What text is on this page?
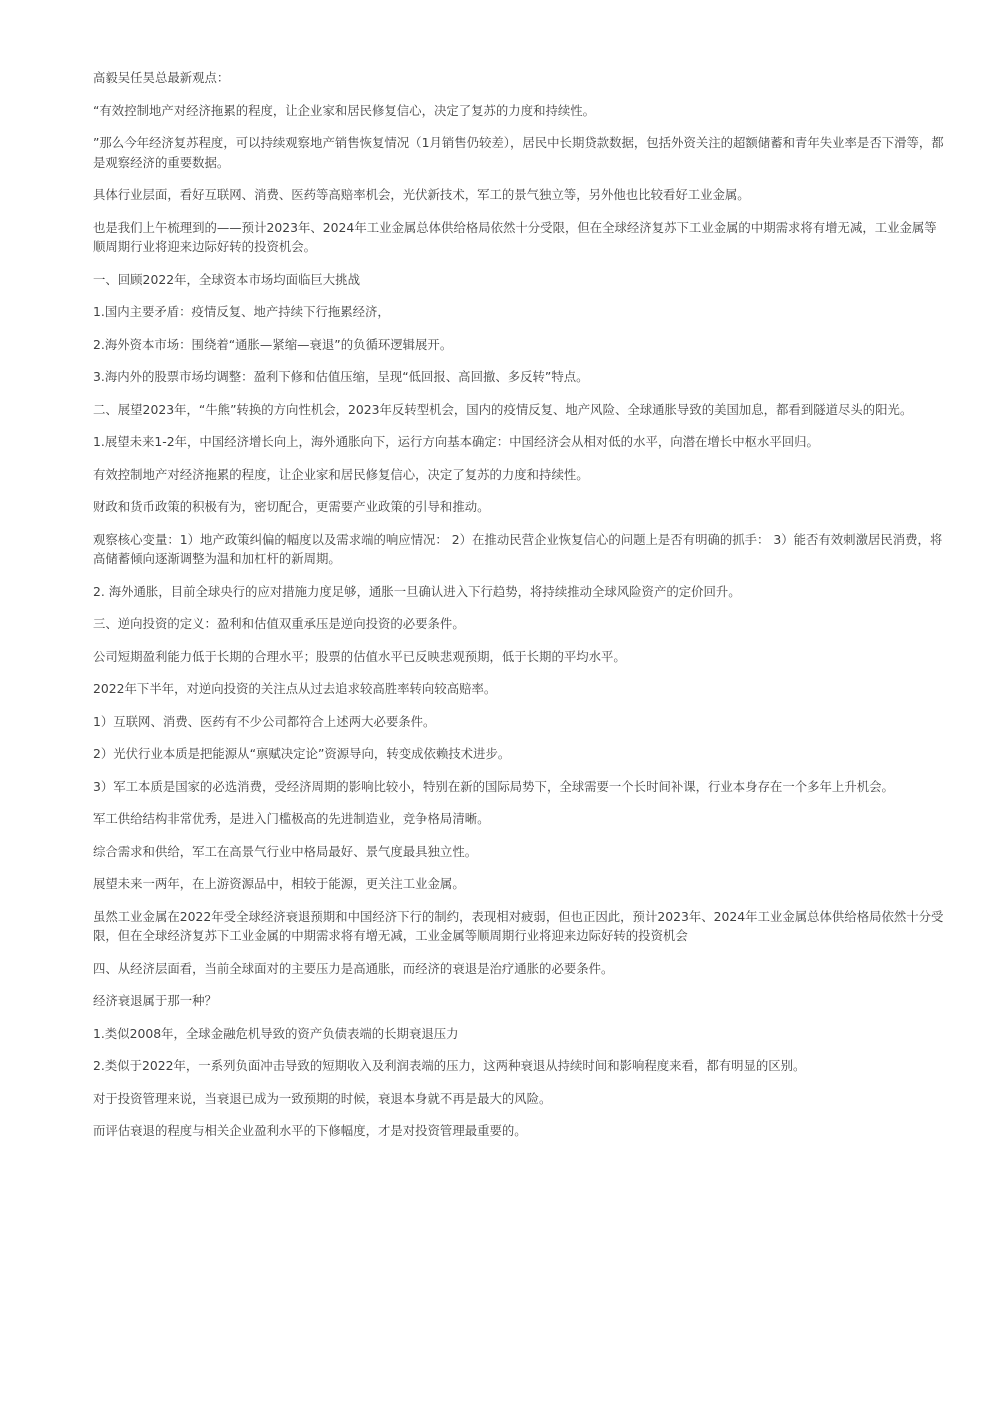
高毅吴任昊总最新观点：

“有效控制地产对经济拖累的程度，让企业家和居民修复信心，决定了复苏的力度和持续性。

”那么今年经济复苏程度，可以持续观察地产销售恢复情况（1月销售仍较差），居民中长期贷款数据，包括外资关注的超额储蓄和青年失业率是否下滑等，都是观察经济的重要数据。

具体行业层面，看好互联网、消费、医药等高赔率机会，光伏新技术，军工的景气独立等，另外他也比较看好工业金属。

也是我们上午梳理到的——预计2023年、2024年工业金属总体供给格局依然十分受限，但在全球经济复苏下工业金属的中期需求将有增无减，工业金属等顺周期行业将迎来边际好转的投资机会。

一、回顾2022年，全球资本市场均面临巨大挑战

1.国内主要矛盾：疫情反复、地产持续下行拖累经济，

2.海外资本市场：围绕着“通胀—紧缩—衰退”的负循环逻辑展开。

3.海内外的股票市场均调整：盈利下修和估值压缩，呈现“低回报、高回撤、多反转”特点。

二、展望2023年，“牛熊”转换的方向性机会，2023年反转型机会，国内的疫情反复、地产风险、全球通胀导致的美国加息，都看到隧道尽头的阳光。

1.展望未来1-2年，中国经济增长向上，海外通胀向下，运行方向基本确定：中国经济会从相对低的水平，向潜在增长中枢水平回归。

有效控制地产对经济拖累的程度，让企业家和居民修复信心，决定了复苏的力度和持续性。

财政和货币政策的积极有为，密切配合，更需要产业政策的引导和推动。

观察核心变量：1）地产政策纠偏的幅度以及需求端的响应情况： 2）在推动民营企业恢复信心的问题上是否有明确的抓手： 3）能否有效刺激居民消费，将高储蓄倾向逐渐调整为温和加杠杆的新周期。

2. 海外通胀，目前全球央行的应对措施力度足够，通胀一旦确认进入下行趋势，将持续推动全球风险资产的定价回升。

三、逆向投资的定义：盈利和估值双重承压是逆向投资的必要条件。

公司短期盈利能力低于长期的合理水平；股票的估值水平已反映悲观预期，低于长期的平均水平。

2022年下半年，对逆向投资的关注点从过去追求较高胜率转向较高赔率。

1）互联网、消费、医药有不少公司都符合上述两大必要条件。

2）光伏行业本质是把能源从“禀赋决定论”资源导向，转变成依赖技术进步。

3）军工本质是国家的必选消费，受经济周期的影响比较小，特别在新的国际局势下，全球需要一个长时间补课，行业本身存在一个多年上升机会。

军工供给结构非常优秀，是进入门槛极高的先进制造业，竞争格局清晰。

综合需求和供给，军工在高景气行业中格局最好、景气度最具独立性。

展望未来一两年，在上游资源品中，相较于能源，更关注工业金属。

虽然工业金属在2022年受全球经济衰退预期和中国经济下行的制约，表现相对疲弱，但也正因此，预计2023年、2024年工业金属总体供给格局依然十分受限，但在全球经济复苏下工业金属的中期需求将有增无减，工业金属等顺周期行业将迎来边际好转的投资机会

四、从经济层面看，当前全球面对的主要压力是高通胀，而经济的衰退是治疗通胀的必要条件。

经济衰退属于那一种？

1.类似2008年，全球金融危机导致的资产负债表端的长期衰退压力

2.类似于2022年，一系列负面冲击导致的短期收入及利润表端的压力，这两种衰退从持续时间和影响程度来看，都有明显的区别。

对于投资管理来说，当衰退已成为一致预期的时候，衰退本身就不再是最大的风险。

而评估衰退的程度与相关企业盈利水平的下修幅度，才是对投资管理最重要的。
